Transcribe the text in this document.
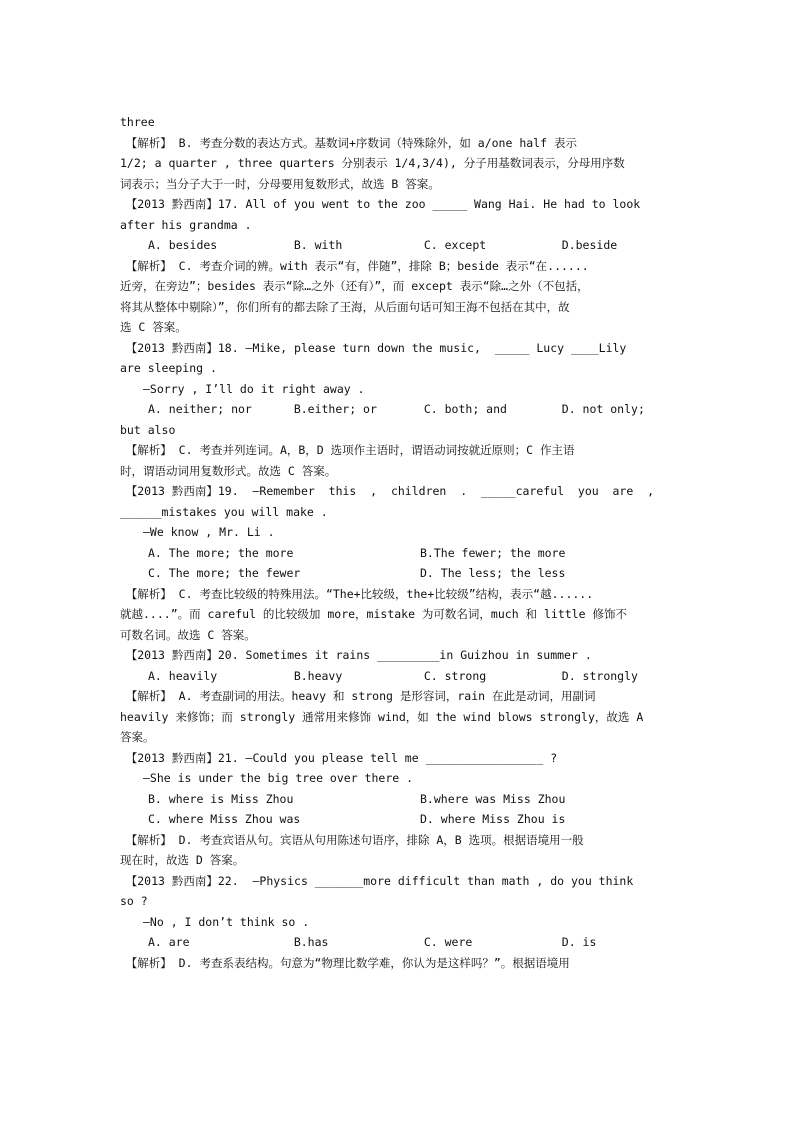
three
　【解析】 B. 考查分数的表达方式。基数词+序数词（特殊除外，如 a/one half 表示
1/2; a quarter , three quarters 分别表示 1/4,3/4), 分子用基数词表示，分母用序数
词表示；当分子大于一时，分母要用复数形式，故选 B 答案。
　【2013 黔西南】17. All of you went to the zoo _____ Wang Hai. He had to look
after his grandma .
A. besides	B. with	C. except	D.beside
　【解析】 C. 考查介词的辨。with 表示“有，伴随”，排除 B；beside 表示“在......
近旁，在旁边”；besides 表示“除…之外（还有）”，而 except 表示“除…之外（不包括，
将其从整体中剔除）”，你们所有的都去除了王海，从后面句话可知王海不包括在其中，故
选 C 答案。
　【2013 黔西南】18. —Mike, please turn down the music,  _____ Lucy ____Lily
are sleeping .
　　—Sorry , I’ll do it right away .
A. neither; nor	B.either; or	C. both; and	D. not only;
but also
　【解析】 C. 考查并列连词。A，B，D 选项作主语时，谓语动词按就近原则；C 作主语
时，谓语动词用复数形式。故选 C 答案。
　【2013 黔西南】19.  —Remember  this  ,  children  .  _____careful  you  are  ,
______mistakes you will make .
　　—We know , Mr. Li .
A. The more; the more	B.The fewer; the more
C. The more; the fewer	D. The less; the less
　【解析】 C. 考查比较级的特殊用法。“The+比较级，the+比较级”结构，表示“越......
就越....”。而 careful 的比较级加 more，mistake 为可数名词，much 和 little 修饰不
可数名词。故选 C 答案。
　【2013 黔西南】20. Sometimes it rains _________in Guizhou in summer .
A. heavily	B.heavy	C. strong	D. strongly
　【解析】 A. 考查副词的用法。heavy 和 strong 是形容词，rain 在此是动词，用副词
heavily 来修饰；而 strongly 通常用来修饰 wind，如 the wind blows strongly，故选 A
答案。
　【2013 黔西南】21. —Could you please tell me _________________ ?
　　—She is under the big tree over there .
B. where is Miss Zhou	B.where was Miss Zhou
C. where Miss Zhou was	D. where Miss Zhou is
　【解析】 D. 考查宾语从句。宾语从句用陈述句语序，排除 A，B 选项。根据语境用一般
现在时，故选 D 答案。
　【2013 黔西南】22.  —Physics _______more difficult than math , do you think
so ?
　　—No , I don’t think so .
A. are	B.has	C. were	D. is
　【解析】 D. 考查系表结构。句意为“物理比数学难，你认为是这样吗？”。根据语境用
